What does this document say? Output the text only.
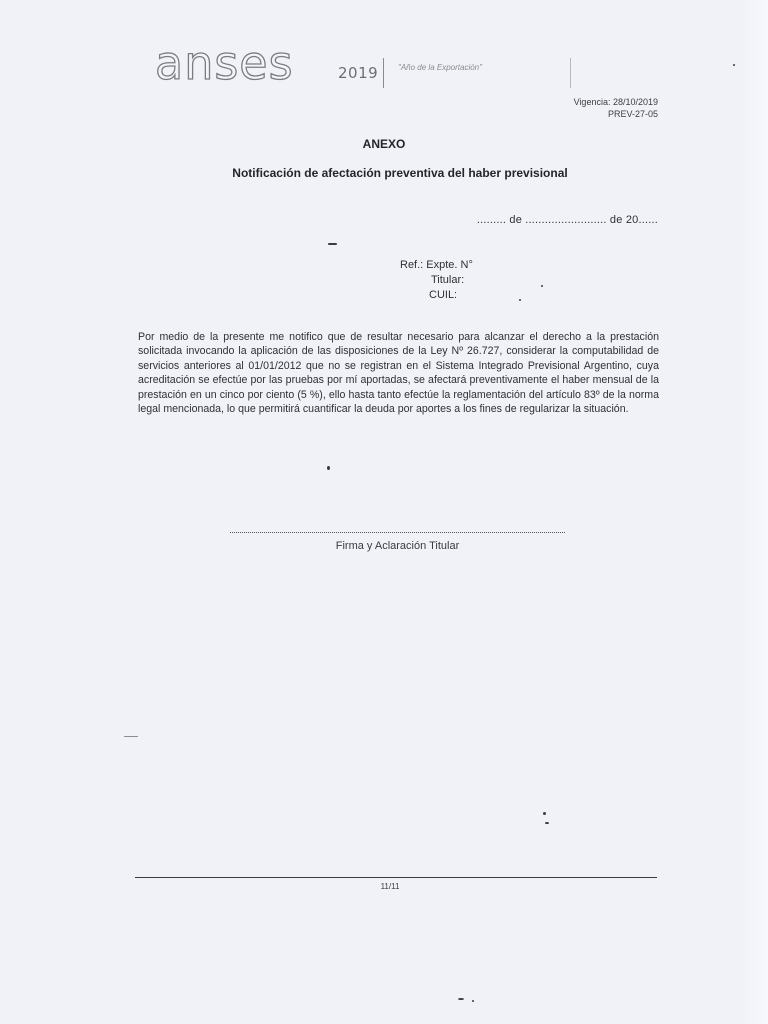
anses	2019 "Año de la Exportación"
Vigencia: 28/10/2019
PREV-27-05
ANEXO
Notificación de afectación preventiva del haber previsional
......... de ......................... de 20......
Ref.: Expte. N°
Titular:
CUIL:
Por medio de la presente me notifico que de resultar necesario para alcanzar el derecho a la prestación solicitada invocando la aplicación de las disposiciones de la Ley Nº 26.727, considerar la computabilidad de servicios anteriores al 01/01/2012 que no se registran en el Sistema Integrado Previsional Argentino, cuya acreditación se efectúe por las pruebas por mí aportadas, se afectará preventivamente el haber mensual de la prestación en un cinco por ciento (5 %), ello hasta tanto efectúe la reglamentación del artículo 83º de la norma legal mencionada, lo que permitirá cuantificar la deuda por aportes a los fines de regularizar la situación.
Firma y Aclaración Titular
11/11
